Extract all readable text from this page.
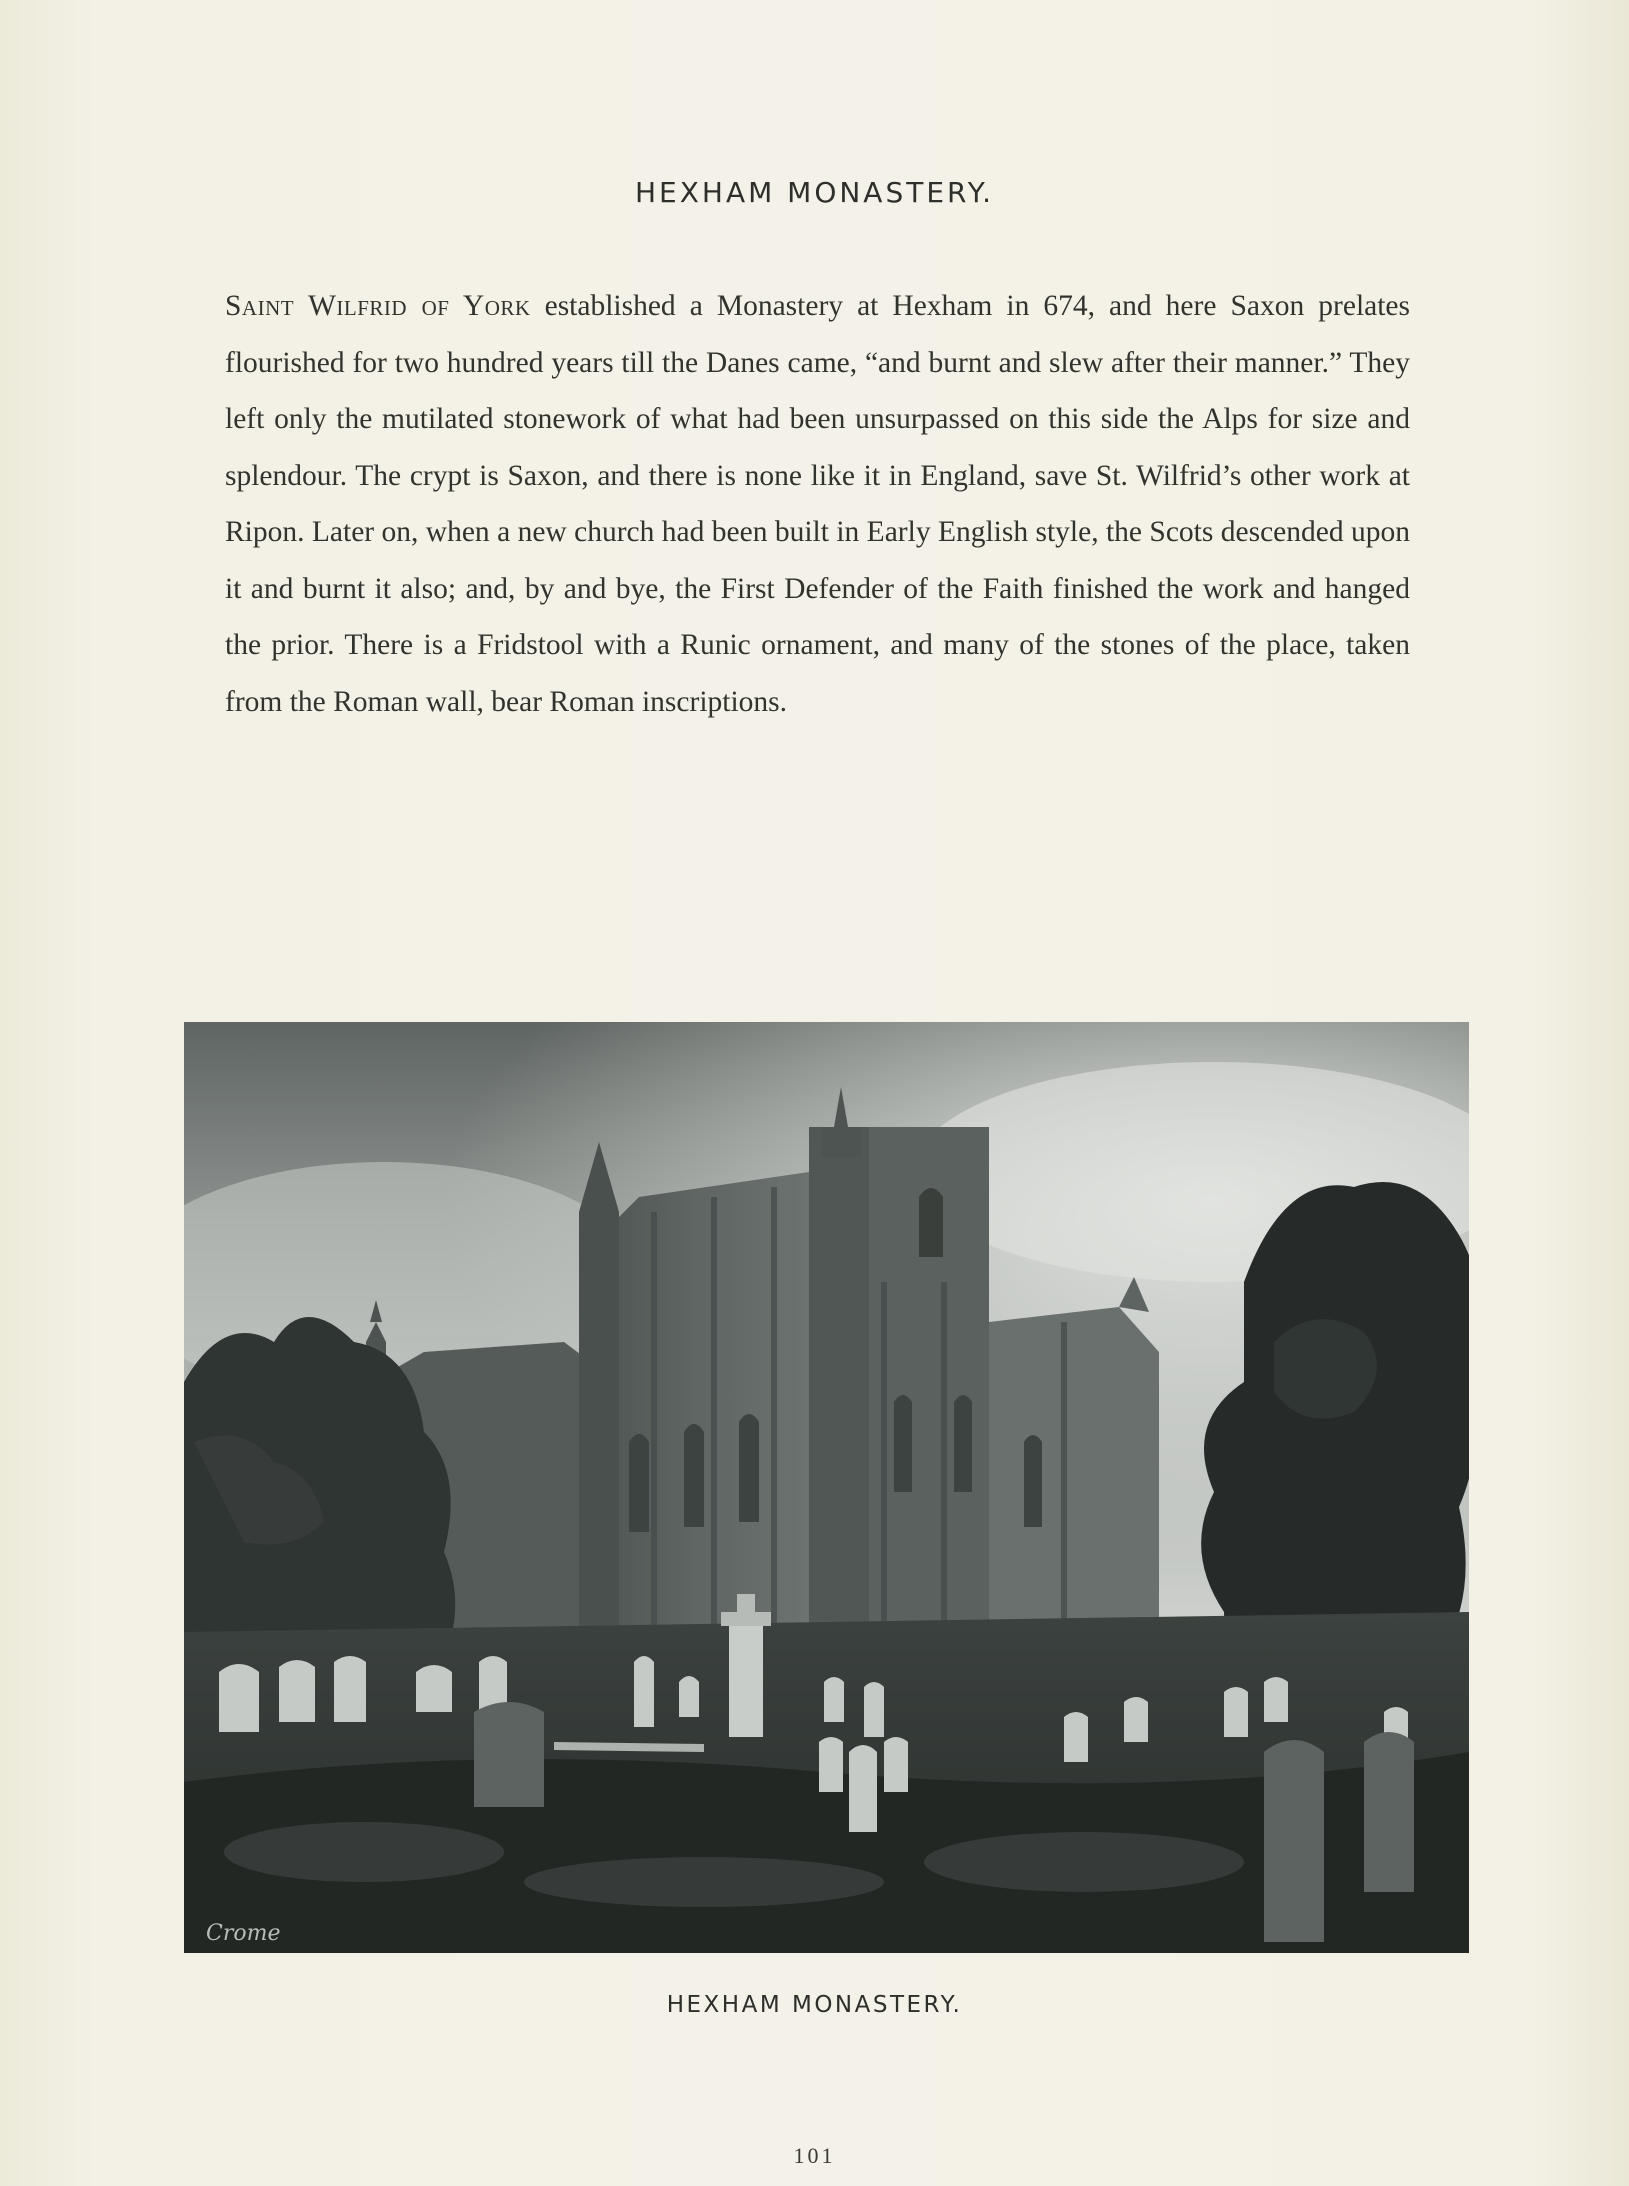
HEXHAM MONASTERY.
Saint Wilfrid of York established a Monastery at Hexham in 674, and here Saxon prelates flourished for two hundred years till the Danes came, “and burnt and slew after their manner.” They left only the mutilated stonework of what had been unsurpassed on this side the Alps for size and splendour. The crypt is Saxon, and there is none like it in England, save St. Wilfrid’s other work at Ripon. Later on, when a new church had been built in Early English style, the Scots descended upon it and burnt it also; and, by and bye, the First Defender of the Faith finished the work and hanged the prior. There is a Fridstool with a Runic ornament, and many of the stones of the place, taken from the Roman wall, bear Roman inscriptions.
Crome
HEXHAM MONASTERY.
101
